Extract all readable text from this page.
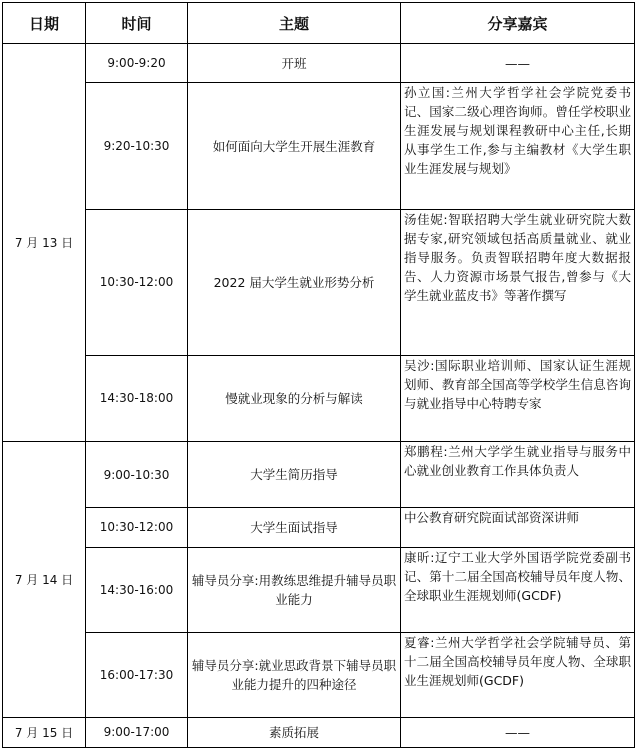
日期	时间	主题	分享嘉宾
7 月 13 日	9:00-9:20	开班	——
	9:20-10:30	如何面向大学生开展生涯教育	孙立国:兰州大学哲学社会学院党委书记、国家二级心理咨询师。曾任学校职业生涯发展与规划课程教研中心主任,长期从事学生工作,参与主编教材《大学生职业生涯发展与规划》
	10:30-12:00	2022 届大学生就业形势分析	汤佳妮:智联招聘大学生就业研究院大数据专家,研究领域包括高质量就业、就业指导服务。负责智联招聘年度大数据报告、人力资源市场景气报告,曾参与《大学生就业蓝皮书》等著作撰写
	14:30-18:00	慢就业现象的分析与解读	吴沙:国际职业培训师、国家认证生涯规划师、教育部全国高等学校学生信息咨询与就业指导中心特聘专家
7 月 14 日	9:00-10:30	大学生简历指导	郑鹏程:兰州大学学生就业指导与服务中心就业创业教育工作具体负责人
	10:30-12:00	大学生面试指导	中公教育研究院面试部资深讲师
	14:30-16:00	辅导员分享:用教练思维提升辅导员职业能力	康昕:辽宁工业大学外国语学院党委副书记、第十二届全国高校辅导员年度人物、全球职业生涯规划师(GCDF)
	16:00-17:30	辅导员分享:就业思政背景下辅导员职业能力提升的四种途径	夏睿:兰州大学哲学社会学院辅导员、第十二届全国高校辅导员年度人物、全球职业生涯规划师(GCDF)
7 月 15 日	9:00-17:00	素质拓展	——
